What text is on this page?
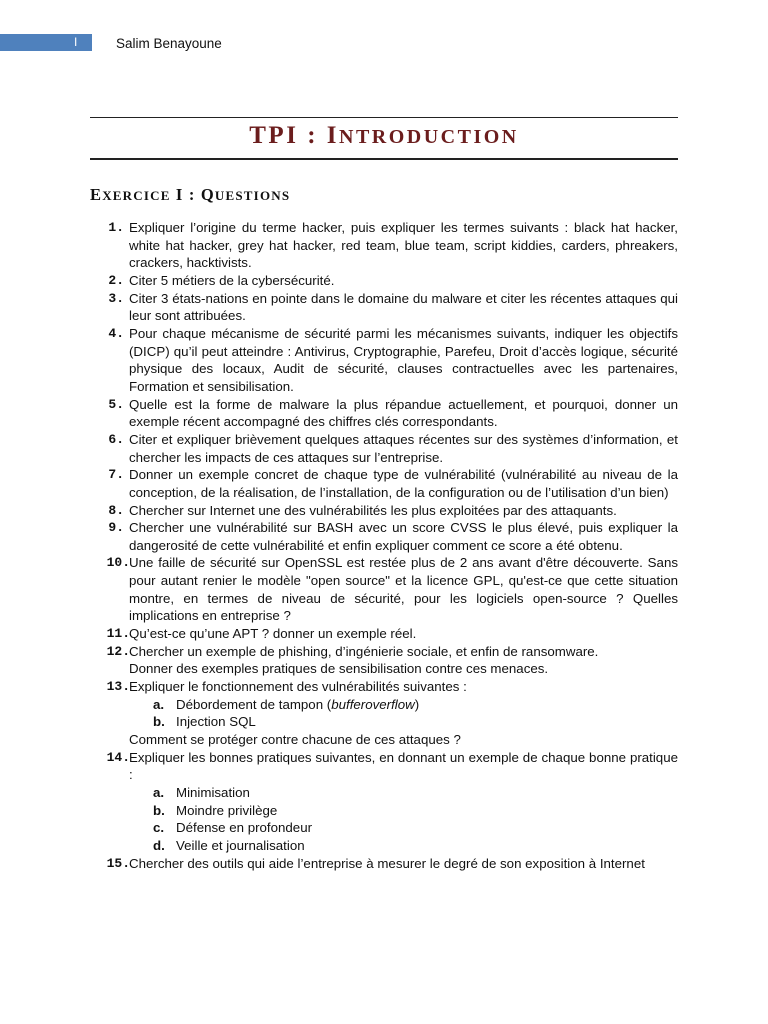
I	Salim Benayoune
TPI : INTRODUCTION
EXERCICE I : QUESTIONS
1. Expliquer l’origine du terme hacker, puis expliquer les termes suivants : black hat hacker, white hat hacker, grey hat hacker, red team, blue team, script kiddies, carders, phreakers, crackers, hacktivists.
2. Citer 5 métiers de la cybersécurité.
3. Citer 3 états-nations en pointe dans le domaine du malware et citer les récentes attaques qui leur sont attribuées.
4. Pour chaque mécanisme de sécurité parmi les mécanismes suivants, indiquer les objectifs (DICP) qu’il peut atteindre : Antivirus, Cryptographie, Parefeu, Droit d’accès logique, sécurité physique des locaux, Audit de sécurité, clauses contractuelles avec les partenaires, Formation et sensibilisation.
5. Quelle est la forme de malware la plus répandue actuellement, et pourquoi, donner un exemple récent accompagné des chiffres clés correspondants.
6. Citer et expliquer brièvement quelques attaques récentes sur des systèmes d’information, et chercher les impacts de ces attaques sur l’entreprise.
7. Donner un exemple concret de chaque type de vulnérabilité (vulnérabilité au niveau de la conception, de la réalisation, de l’installation, de la configuration ou de l’utilisation d’un bien)
8. Chercher sur Internet une des vulnérabilités les plus exploitées par des attaquants.
9. Chercher une vulnérabilité sur BASH avec un score CVSS le plus élevé, puis expliquer la dangerosité de cette vulnérabilité et enfin expliquer comment ce score a été obtenu.
10. Une faille de sécurité sur OpenSSL est restée plus de 2 ans avant d'être découverte. Sans pour autant renier le modèle "open source" et la licence GPL, qu'est-ce que cette situation montre, en termes de niveau de sécurité, pour les logiciels open-source ? Quelles implications en entreprise ?
11. Qu’est-ce qu’une APT ? donner un exemple réel.
12. Chercher un exemple de phishing, d’ingénierie sociale, et enfin de ransomware.
Donner des exemples pratiques de sensibilisation contre ces menaces.
13. Expliquer le fonctionnement des vulnérabilités suivantes :
a. Débordement de tampon (bufferoverflow)
b. Injection SQL
Comment se protéger contre chacune de ces attaques ?
14. Expliquer les bonnes pratiques suivantes, en donnant un exemple de chaque bonne pratique :
a. Minimisation
b. Moindre privilège
c. Défense en profondeur
d. Veille et journalisation
15. Chercher des outils qui aide l’entreprise à mesurer le degré de son exposition à Internet
